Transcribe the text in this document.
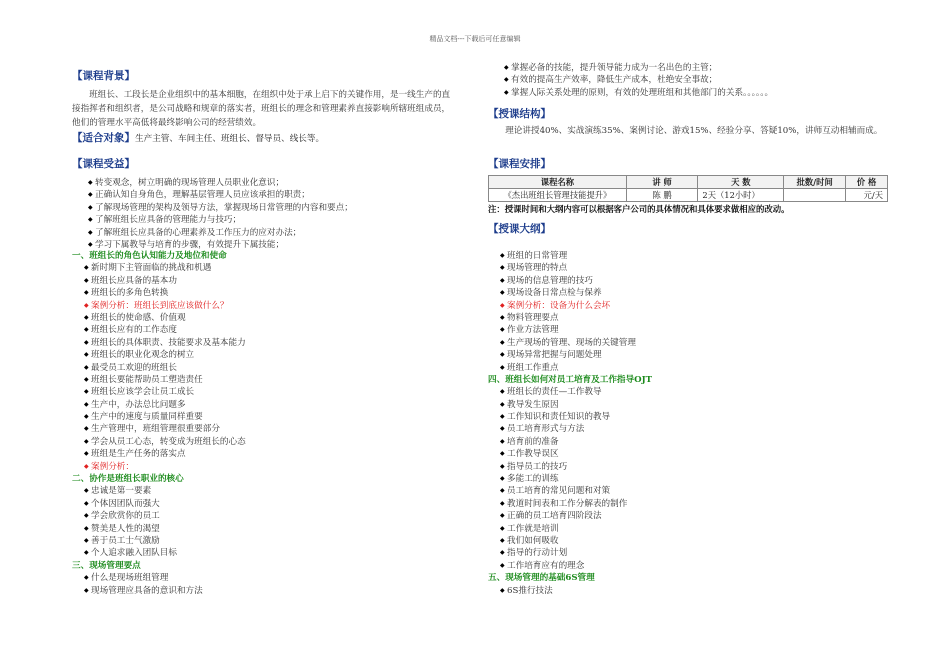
精品文档---下载后可任意编辑
【课程背景】
班组长、工段长是企业组织中的基本细胞，在组织中处于承上启下的关键作用，是一线生产的直接指挥者和组织者，是公司战略和规章的落实者，班组长的理念和管理素养直接影响所辖班组成员，他们的管理水平高低将最终影响公司的经营绩效。
【适合对象】生产主管、车间主任、班组长、督导员、线长等。
【课程受益】
◆ 转变观念，树立明确的现场管理人员职业化意识；
◆ 正确认知自身角色，理解基层管理人员应该承担的职责；
◆ 了解现场管理的架构及领导方法，掌握现场日常管理的内容和要点；
◆ 了解班组长应具备的管理能力与技巧；
◆ 了解班组长应具备的心理素养及工作压力的应对办法；
◆ 学习下属教导与培育的步骤，有效提升下属技能；
一、班组长的角色认知能力及地位和使命
◆ 新时期下主管面临的挑战和机遇
◆ 班组长应具备的基本功
◆ 班组长的多角色转换
◆ 案例分析：班组长到底应该做什么？
◆ 班组长的使命感、价值观
◆ 班组长应有的工作态度
◆ 班组长的具体职责、技能要求及基本能力
◆ 班组长的职业化观念的树立
◆ 最受员工欢迎的班组长
◆ 班组长要能帮助员工塑造责任
◆ 班组长应该学会让员工成长
◆ 生产中，办法总比问题多
◆ 生产中的速度与质量同样重要
◆ 生产管理中，班组管理很重要部分
◆ 学会从员工心态，转变成为班组长的心态
◆ 班组是生产任务的落实点
◆ 案例分析：
二、协作是班组长职业的核心
◆ 忠诚是第一要素
◆ 个体因团队而强大
◆ 学会欣赏你的员工
◆ 赞美是人性的渴望
◆ 善于员工士气激励
◆ 个人追求融入团队目标
三、现场管理要点
◆ 什么是现场班组管理
◆ 现场管理应具备的意识和方法
◆ 掌握必备的技能，提升领导能力成为一名出色的主管；
◆ 有效的提高生产效率，降低生产成本，杜绝安全事故；
◆ 掌握人际关系处理的原则，有效的处理班组和其他部门的关系。。。。。。
【授课结构】
理论讲授40%、实战演练35%、案例讨论、游戏15%、经验分享、答疑10%，讲师互动相辅而成。
【课程安排】
课程名称	讲 师	天 数	批数/时间	价 格
《杰出班组长管理技能提升》	陈 鹏	2天（12小时）		元/天
注：授课时间和大纲内容可以根据客户公司的具体情况和具体要求做相应的改动。
【授课大纲】
◆ 班组的日常管理
◆ 现场管理的特点
◆ 现场的信息管理的技巧
◆ 现场设备日常点检与保养
◆ 案例分析：设备为什么会坏
◆ 物料管理要点
◆ 作业方法管理
◆ 生产现场的管理、现场的关键管理
◆ 现场异常把握与问题处理
◆ 班组工作重点
四、班组长如何对员工培育及工作指导OJT
◆ 班组长的责任—工作教导
◆ 教导发生原因
◆ 工作知识和责任知识的教导
◆ 员工培育形式与方法
◆ 培育前的准备
◆ 工作教导误区
◆ 指导员工的技巧
◆ 多能工的训练
◆ 员工培育的常见问题和对策
◆ 教道时间表和工作分解表的制作
◆ 正确的员工培育四阶段法
◆ 工作就是培训
◆ 我们如何吸收
◆ 指导的行动计划
◆ 工作培育应有的理念
五、现场管理的基础6S管理
◆ 6S推行技法
